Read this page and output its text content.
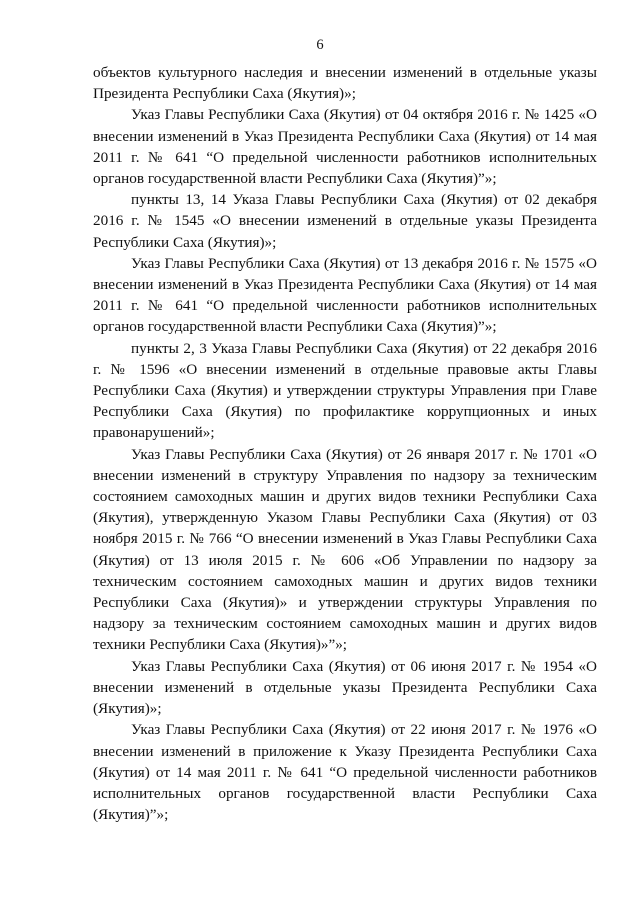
6

объектов культурного наследия и внесении изменений в отдельные указы Президента Республики Саха (Якутия)»;

Указ Главы Республики Саха (Якутия) от 04 октября 2016 г. № 1425 «О внесении изменений в Указ Президента Республики Саха (Якутия) от 14 мая 2011 г. № 641 “О предельной численности работников исполнительных органов государственной власти Республики Саха (Якутия)”»;

пункты 13, 14 Указа Главы Республики Саха (Якутия) от 02 декабря 2016 г. № 1545 «О внесении изменений в отдельные указы Президента Республики Саха (Якутия)»;

Указ Главы Республики Саха (Якутия) от 13 декабря 2016 г. № 1575 «О внесении изменений в Указ Президента Республики Саха (Якутия) от 14 мая 2011 г. № 641 “О предельной численности работников исполнительных органов государственной власти Республики Саха (Якутия)”»;

пункты 2, 3 Указа Главы Республики Саха (Якутия) от 22 декабря 2016 г. № 1596 «О внесении изменений в отдельные правовые акты Главы Республики Саха (Якутия) и утверждении структуры Управления при Главе Республики Саха (Якутия) по профилактике коррупционных и иных правонарушений»;

Указ Главы Республики Саха (Якутия) от 26 января 2017 г. № 1701 «О внесении изменений в структуру Управления по надзору за техническим состоянием самоходных машин и других видов техники Республики Саха (Якутия), утвержденную Указом Главы Республики Саха (Якутия) от 03 ноября 2015 г. № 766 “О внесении изменений в Указ Главы Республики Саха (Якутия) от 13 июля 2015 г. № 606 «Об Управлении по надзору за техническим состоянием самоходных машин и других видов техники Республики Саха (Якутия)» и утверждении структуры Управления по надзору за техническим состоянием самоходных машин и других видов техники Республики Саха (Якутия)»”»;

Указ Главы Республики Саха (Якутия) от 06 июня 2017 г. № 1954 «О внесении изменений в отдельные указы Президента Республики Саха (Якутия)»;

Указ Главы Республики Саха (Якутия) от 22 июня 2017 г. № 1976 «О внесении изменений в приложение к Указу Президента Республики Саха (Якутия) от 14 мая 2011 г. № 641 “О предельной численности работников исполнительных органов государственной власти Республики Саха (Якутия)”»;
